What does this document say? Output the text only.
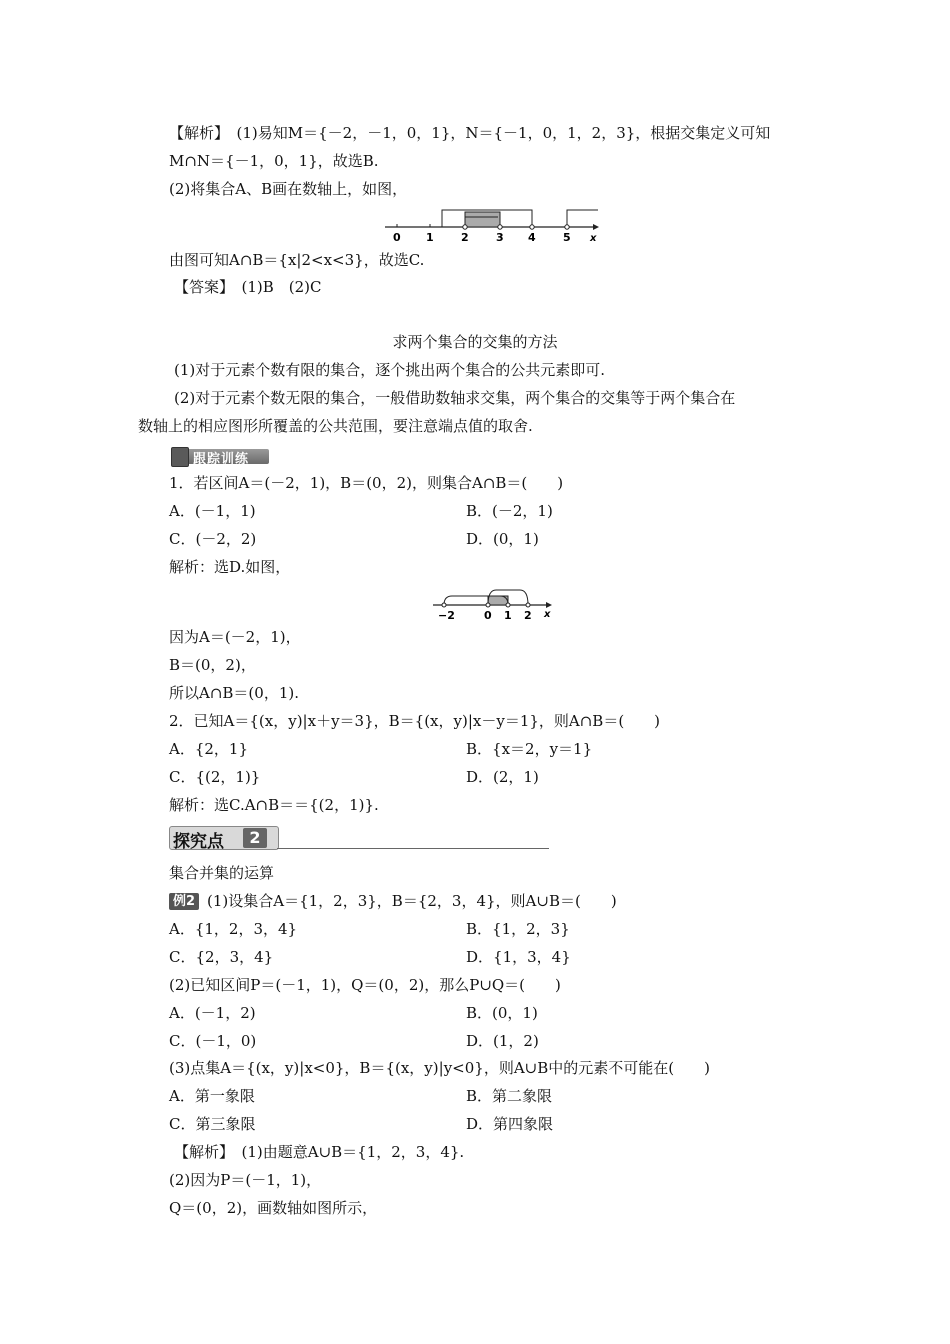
【解析】　(1)易知M＝{－2，－1，0，1}，N＝{－1，0，1，2，3}，根据交集定义可知
M∩N＝{－1，0，1}，故选B.
(2)将集合A、B画在数轴上，如图，
0 1 2 3 4 5 x
由图可知A∩B＝{x|2<x<3}，故选C.
【答案】　(1)B　(2)C
求两个集合的交集的方法
(1)对于元素个数有限的集合，逐个挑出两个集合的公共元素即可.
(2)对于元素个数无限的集合，一般借助数轴求交集，两个集合的交集等于两个集合在
数轴上的相应图形所覆盖的公共范围，要注意端点值的取舍.
跟踪训练
1．若区间A＝(－2，1)，B＝(0，2)，则集合A∩B＝(　　)
A．(－1，1)	B．(－2，1)
C．(－2，2)	D．(0，1)
解析：选D.如图，
−2	0 1 2 x
因为A＝(－2，1)，
B＝(0，2)，
所以A∩B＝(0，1).
2．已知A＝{(x，y)|x＋y＝3}，B＝{(x，y)|x－y＝1}，则A∩B＝(　　)
A．{2，1}	B．{x＝2，y＝1}
C．{(2，1)}	D．(2，1)
解析：选C.A∩B＝＝{(2，1)}.
探究点	2
集合并集的运算
例2 (1)设集合A＝{1，2，3}，B＝{2，3，4}，则A∪B＝(　　)
A．{1，2，3，4}	B．{1，2，3}
C．{2，3，4}	D．{1，3，4}
(2)已知区间P＝(－1，1)，Q＝(0，2)，那么P∪Q＝(　　)
A．(－1，2)	B．(0，1)
C．(－1，0)	D．(1，2)
(3)点集A＝{(x，y)|x<0}，B＝{(x，y)|y<0}，则A∪B中的元素不可能在(　　)
A．第一象限	B．第二象限
C．第三象限	D．第四象限
【解析】　(1)由题意A∪B＝{1，2，3，4}.
(2)因为P＝(－1，1)，
Q＝(0，2)，画数轴如图所示，
